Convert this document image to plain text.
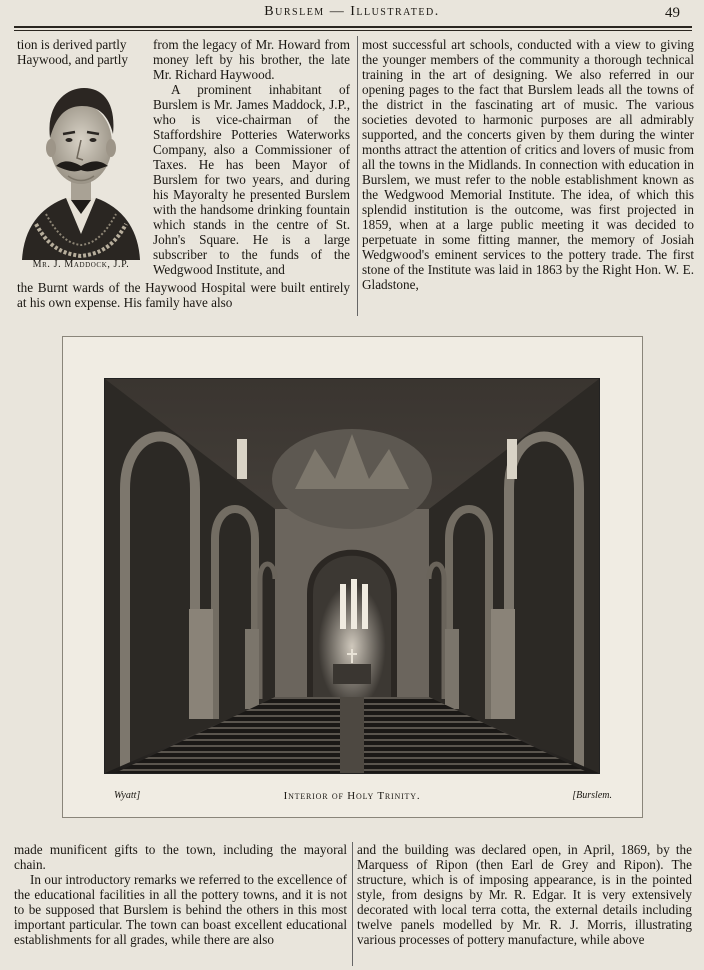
Burslem — Illustrated.	49

tion is derived partly
Haywood, and partly

from the legacy of Mr. Howard from money left by his brother, the late Mr. Richard Haywood.

A prominent inhabitant of Burslem is Mr. James Maddock, J.P., who is vice-chairman of the Staffordshire Potteries Waterworks Company, also a Commissioner of Taxes. He has been Mayor of Burslem for two years, and during his Mayoralty he presented Burslem with the handsome drinking fountain which stands in the centre of St. John's Square. He is a large subscriber to the funds of the Wedgwood Institute, and

Mr. J. Maddock, J.P.

the Burnt wards of the Haywood Hospital were built entirely at his own expense. His family have also

most successful art schools, conducted with a view to giving the younger members of the community a thorough technical training in the art of designing. We also referred in our opening pages to the fact that Burslem leads all the towns of the district in the fascinating art of music. The various societies devoted to harmonic purposes are all admirably supported, and the concerts given by them during the winter months attract the attention of critics and lovers of music from all the towns in the Midlands. In connection with education in Burslem, we must refer to the noble establishment known as the Wedgwood Memorial Institute. The idea, of which this splendid institution is the outcome, was first projected in 1859, when at a large public meeting it was decided to perpetuate in some fitting manner, the memory of Josiah Wedgwood's eminent services to the pottery trade. The first stone of the Institute was laid in 1863 by the Right Hon. W. E. Gladstone,

Wyatt]	Interior of Holy Trinity.	[Burslem.

made munificent gifts to the town, including the mayoral chain.

In our introductory remarks we referred to the excellence of the educational facilities in all the pottery towns, and it is not to be supposed that Burslem is behind the others in this most important particular. The town can boast excellent educational establishments for all grades, while there are also

and the building was declared open, in April, 1869, by the Marquess of Ripon (then Earl de Grey and Ripon). The structure, which is of imposing appearance, is in the pointed style, from designs by Mr. R. Edgar. It is very extensively decorated with local terra cotta, the external details including twelve panels modelled by Mr. R. J. Morris, illustrating various processes of pottery manufacture, while above
